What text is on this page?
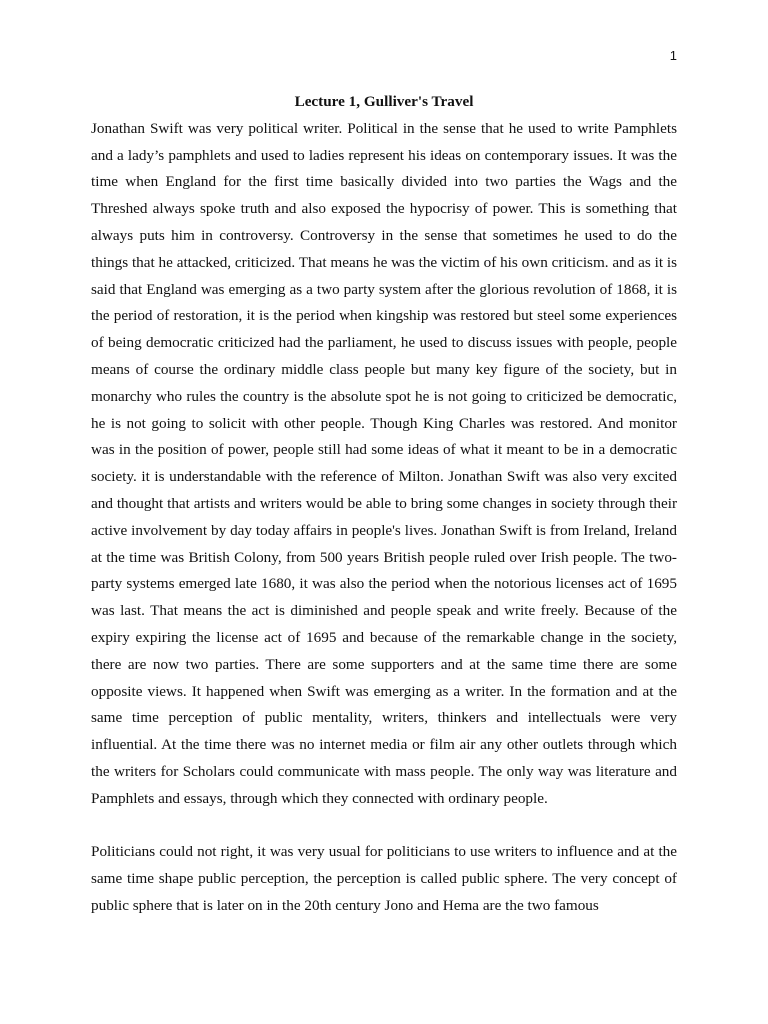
1

Lecture 1, Gulliver's Travel

Jonathan Swift was very political writer. Political in the sense that he used to write Pamphlets and a lady’s pamphlets and used to ladies represent his ideas on contemporary issues. It was the time when England for the first time basically divided into two parties the Wags and the Threshed always spoke truth and also exposed the hypocrisy of power. This is something that always puts him in controversy. Controversy in the sense that sometimes he used to do the things that he attacked, criticized. That means he was the victim of his own criticism. and as it is said that England was emerging as a two party system after the glorious revolution of 1868, it is the period of restoration, it is the period when kingship was restored but steel some experiences of being democratic criticized had the parliament, he used to discuss issues with people, people means of course the ordinary middle class people but many key figure of the society, but in monarchy who rules the country is the absolute spot he is not going to criticized be democratic, he is not going to solicit with other people. Though King Charles was restored. And monitor was in the position of power, people still had some ideas of what it meant to be in a democratic society. it is understandable with the reference of Milton. Jonathan Swift was also very excited and thought that artists and writers would be able to bring some changes in society through their active involvement by day today affairs in people's lives. Jonathan Swift is from Ireland, Ireland at the time was British Colony, from 500 years British people ruled over Irish people. The two-party systems emerged late 1680, it was also the period when the notorious licenses act of 1695 was last. That means the act is diminished and people speak and write freely. Because of the expiry expiring the license act of 1695 and because of the remarkable change in the society, there are now two parties. There are some supporters and at the same time there are some opposite views. It happened when Swift was emerging as a writer. In the formation and at the same time perception of public mentality, writers, thinkers and intellectuals were very influential. At the time there was no internet media or film air any other outlets through which the writers for Scholars could communicate with mass people. The only way was literature and Pamphlets and essays, through which they connected with ordinary people.

Politicians could not right, it was very usual for politicians to use writers to influence and at the same time shape public perception, the perception is called public sphere. The very concept of public sphere that is later on in the 20th century Jono and Hema are the two famous
